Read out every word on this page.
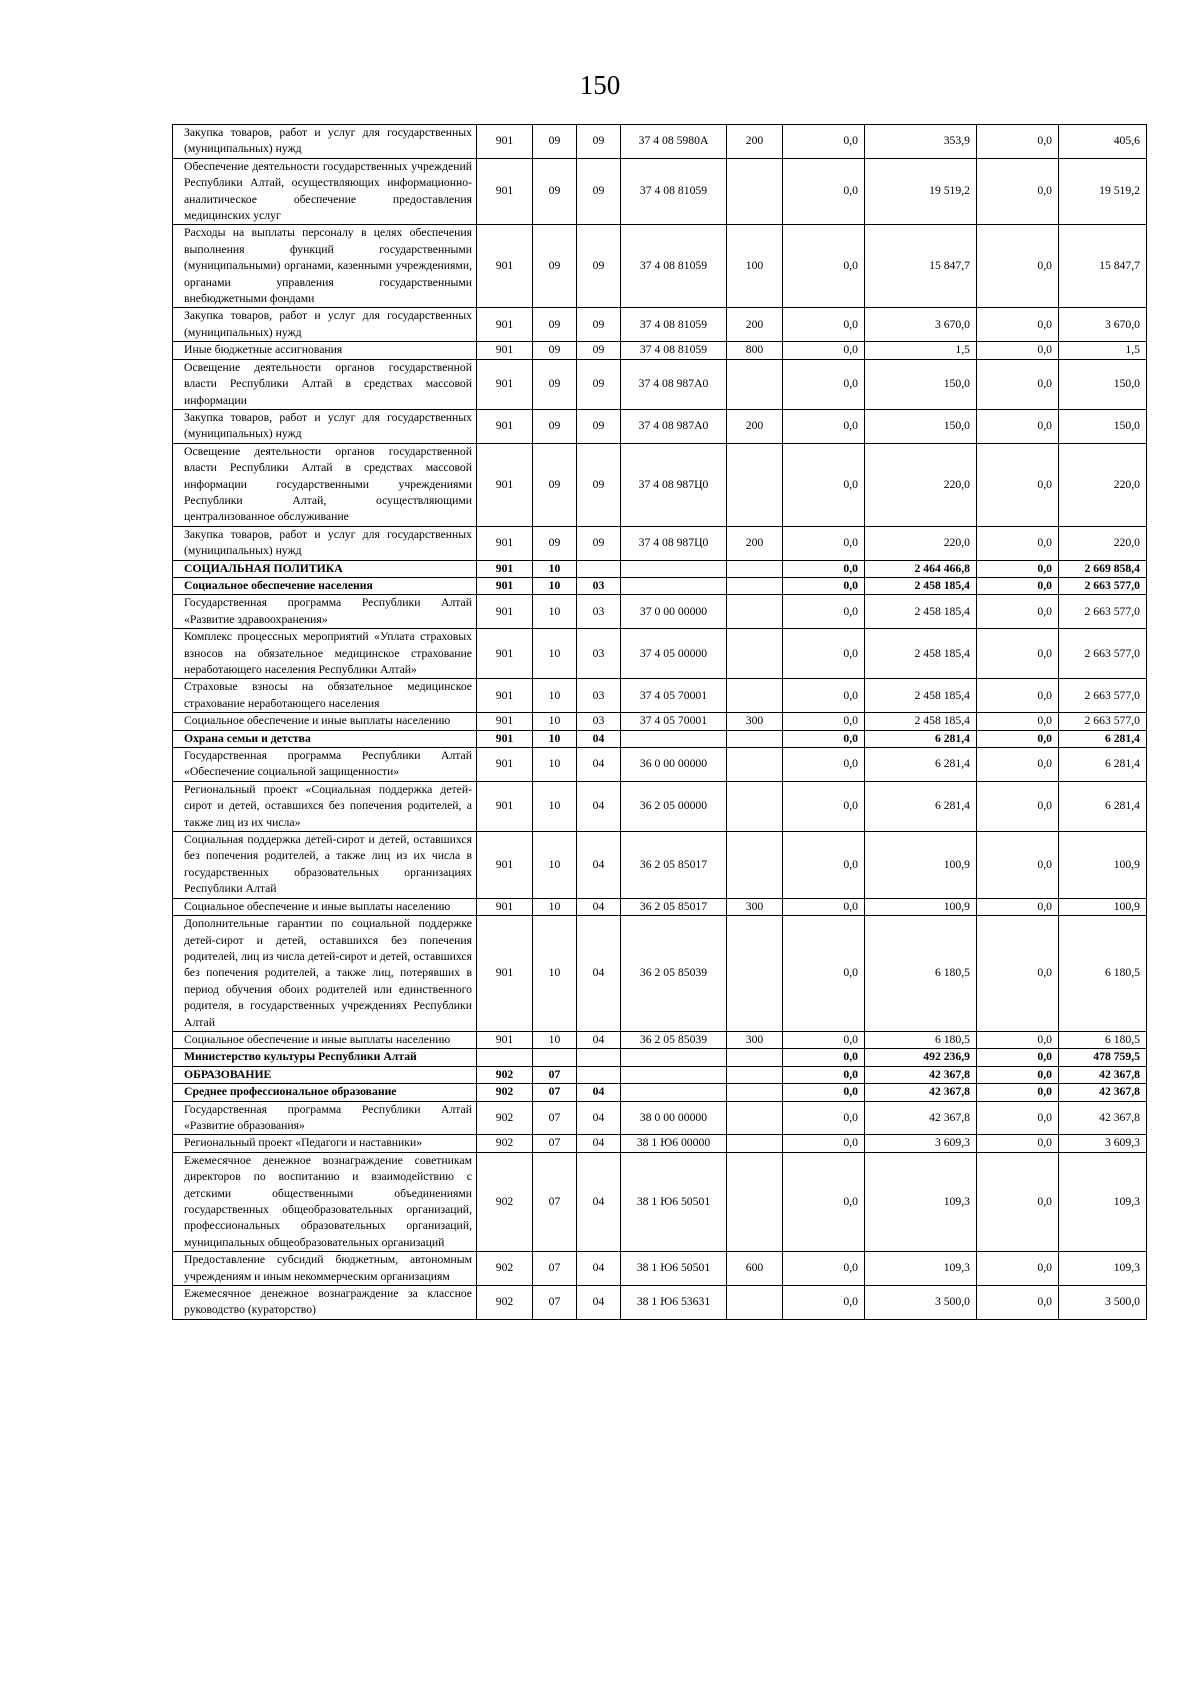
150
Закупка товаров, работ и услуг для государственных (муниципальных) нужд	901	09	09	37 4 08 5980А	200	0,0	353,9	0,0	405,6
Обеспечение деятельности государственных учреждений Республики Алтай, осуществляющих информационно-аналитическое обеспечение предоставления медицинских услуг	901	09	09	37 4 08 81059		0,0	19 519,2	0,0	19 519,2
Расходы на выплаты персоналу в целях обеспечения выполнения функций государственными (муниципальными) органами, казенными учреждениями, органами управления государственными внебюджетными фондами	901	09	09	37 4 08 81059	100	0,0	15 847,7	0,0	15 847,7
Закупка товаров, работ и услуг для государственных (муниципальных) нужд	901	09	09	37 4 08 81059	200	0,0	3 670,0	0,0	3 670,0
Иные бюджетные ассигнования	901	09	09	37 4 08 81059	800	0,0	1,5	0,0	1,5
Освещение деятельности органов государственной власти Республики Алтай в средствах массовой информации	901	09	09	37 4 08 987А0		0,0	150,0	0,0	150,0
Закупка товаров, работ и услуг для государственных (муниципальных) нужд	901	09	09	37 4 08 987А0	200	0,0	150,0	0,0	150,0
Освещение деятельности органов государственной власти Республики Алтай в средствах массовой информации государственными учреждениями Республики Алтай, осуществляющими централизованное обслуживание	901	09	09	37 4 08 987Ц0		0,0	220,0	0,0	220,0
Закупка товаров, работ и услуг для государственных (муниципальных) нужд	901	09	09	37 4 08 987Ц0	200	0,0	220,0	0,0	220,0
СОЦИАЛЬНАЯ ПОЛИТИКА	901	10				0,0	2 464 466,8	0,0	2 669 858,4
Социальное обеспечение населения	901	10	03			0,0	2 458 185,4	0,0	2 663 577,0
Государственная программа Республики Алтай «Развитие здравоохранения»	901	10	03	37 0 00 00000		0,0	2 458 185,4	0,0	2 663 577,0
Комплекс процессных мероприятий «Уплата страховых взносов на обязательное медицинское страхование неработающего населения Республики Алтай»	901	10	03	37 4 05 00000		0,0	2 458 185,4	0,0	2 663 577,0
Страховые взносы на обязательное медицинское страхование неработающего населения	901	10	03	37 4 05 70001		0,0	2 458 185,4	0,0	2 663 577,0
Социальное обеспечение и иные выплаты населению	901	10	03	37 4 05 70001	300	0,0	2 458 185,4	0,0	2 663 577,0
Охрана семьи и детства	901	10	04			0,0	6 281,4	0,0	6 281,4
Государственная программа Республики Алтай «Обеспечение социальной защищенности»	901	10	04	36 0 00 00000		0,0	6 281,4	0,0	6 281,4
Региональный проект «Социальная поддержка детей-сирот и детей, оставшихся без попечения родителей, а также лиц из их числа»	901	10	04	36 2 05 00000		0,0	6 281,4	0,0	6 281,4
Социальная поддержка детей-сирот и детей, оставшихся без попечения родителей, а также лиц из их числа в государственных образовательных организациях Республики Алтай	901	10	04	36 2 05 85017		0,0	100,9	0,0	100,9
Социальное обеспечение и иные выплаты населению	901	10	04	36 2 05 85017	300	0,0	100,9	0,0	100,9
Дополнительные гарантии по социальной поддержке детей-сирот и детей, оставшихся без попечения родителей, лиц из числа детей-сирот и детей, оставшихся без попечения родителей, а также лиц, потерявших в период обучения обоих родителей или единственного родителя, в государственных учреждениях Республики Алтай	901	10	04	36 2 05 85039		0,0	6 180,5	0,0	6 180,5
Социальное обеспечение и иные выплаты населению	901	10	04	36 2 05 85039	300	0,0	6 180,5	0,0	6 180,5
Министерство культуры Республики Алтай						0,0	492 236,9	0,0	478 759,5
ОБРАЗОВАНИЕ	902	07				0,0	42 367,8	0,0	42 367,8
Среднее профессиональное образование	902	07	04			0,0	42 367,8	0,0	42 367,8
Государственная программа Республики Алтай «Развитие образования»	902	07	04	38 0 00 00000		0,0	42 367,8	0,0	42 367,8
Региональный проект «Педагоги и наставники»	902	07	04	38 1 Ю6 00000		0,0	3 609,3	0,0	3 609,3
Ежемесячное денежное вознаграждение советникам директоров по воспитанию и взаимодействию с детскими общественными объединениями государственных общеобразовательных организаций, профессиональных образовательных организаций, муниципальных общеобразовательных организаций	902	07	04	38 1 Ю6 50501		0,0	109,3	0,0	109,3
Предоставление субсидий бюджетным, автономным учреждениям и иным некоммерческим организациям	902	07	04	38 1 Ю6 50501	600	0,0	109,3	0,0	109,3
Ежемесячное денежное вознаграждение за классное руководство (кураторство)	902	07	04	38 1 Ю6 53631		0,0	3 500,0	0,0	3 500,0
